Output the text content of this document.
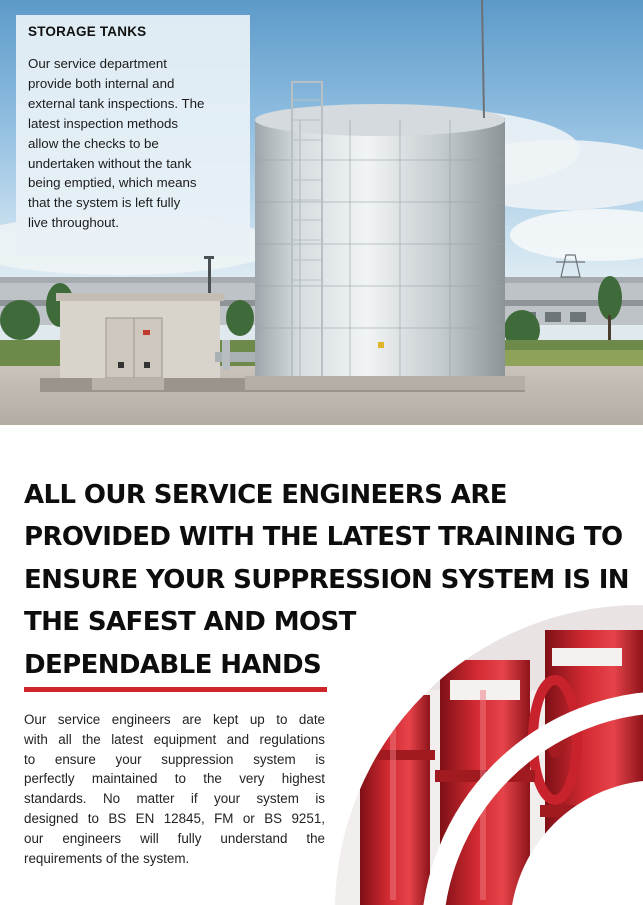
STORAGE TANKS
Our service department
provide both internal and
external tank inspections. The
latest inspection methods
allow the checks to be
undertaken without the tank
being emptied, which means
that the system is left fully
live throughout.
ALL OUR SERVICE ENGINEERS ARE
PROVIDED WITH THE LATEST TRAINING TO
ENSURE YOUR SUPPRESSION SYSTEM IS IN
THE SAFEST AND MOST
DEPENDABLE HANDS
Our service engineers are kept up to date
with all the latest equipment and regulations
to ensure your suppression system is
perfectly maintained to the very highest
standards. No matter if your system is
designed to BS EN 12845, FM or BS 9251,
our engineers will fully understand the
requirements of the system.
